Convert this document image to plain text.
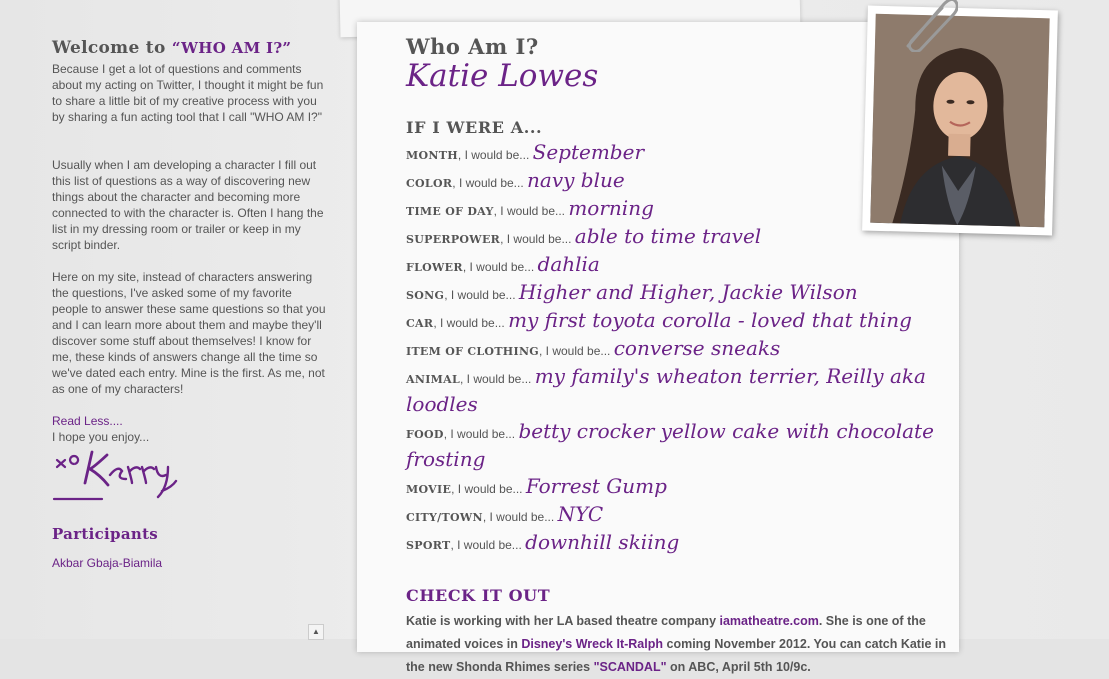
Welcome to “WHO AM I?”

Because I get a lot of questions and comments about my acting on Twitter, I thought it might be fun to share a little bit of my creative process with you by sharing a fun acting tool that I call "WHO AM I?"

Usually when I am developing a character I fill out this list of questions as a way of discovering new things about the character and becoming more connected to with the character is. Often I hang the list in my dressing room or trailer or keep in my script binder.

Here on my site, instead of characters answering the questions, I've asked some of my favorite people to answer these same questions so that you and I can learn more about them and maybe they'll discover some stuff about themselves! I know for me, these kinds of answers change all the time so we've dated each entry. Mine is the first. As me, not as one of my characters!

Read Less....
I hope you enjoy...
Participants
Akbar Gbaja-Biamila
▲
Who Am I?
Katie Lowes
IF I WERE A...
MONTH, I would be... September
COLOR, I would be... navy blue
TIME OF DAY, I would be... morning
SUPERPOWER, I would be... able to time travel
FLOWER, I would be... dahlia
SONG, I would be... Higher and Higher, Jackie Wilson
CAR, I would be... my first toyota corolla - loved that thing
ITEM OF CLOTHING, I would be... converse sneaks
ANIMAL, I would be... my family's wheaton terrier, Reilly aka loodles
FOOD, I would be... betty crocker yellow cake with chocolate frosting
MOVIE, I would be... Forrest Gump
CITY/TOWN, I would be... NYC
SPORT, I would be... downhill skiing
CHECK IT OUT
Katie is working with her LA based theatre company iamatheatre.com. She is one of the animated voices in Disney's Wreck It-Ralph coming November 2012. You can catch Katie in the new Shonda Rhimes series "SCANDAL" on ABC, April 5th 10/9c.
